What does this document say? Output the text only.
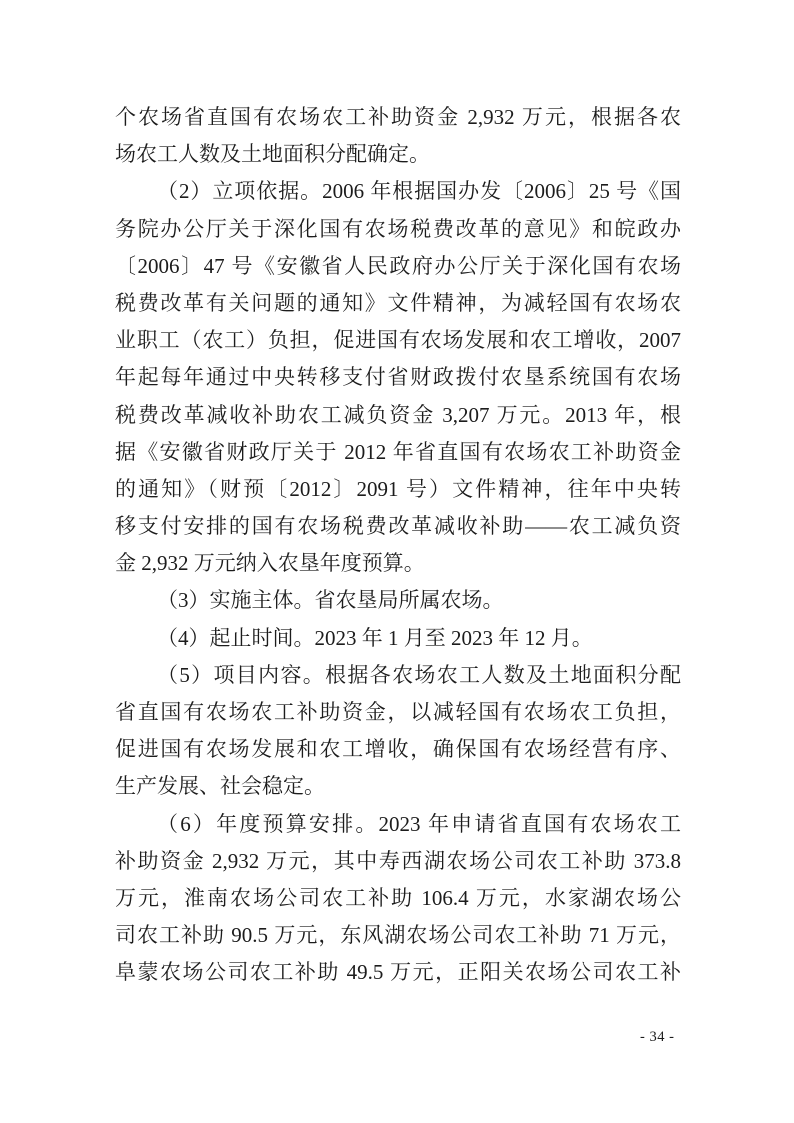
个农场省直国有农场农工补助资金 2,932 万元，根据各农
场农工人数及土地面积分配确定。
（2）立项依据。2006 年根据国办发〔2006〕25 号《国
务院办公厅关于深化国有农场税费改革的意见》和皖政办
〔2006〕47 号《安徽省人民政府办公厅关于深化国有农场
税费改革有关问题的通知》文件精神，为减轻国有农场农
业职工（农工）负担，促进国有农场发展和农工增收，2007
年起每年通过中央转移支付省财政拨付农垦系统国有农场
税费改革减收补助农工减负资金 3,207 万元。2013 年，根
据《安徽省财政厅关于 2012 年省直国有农场农工补助资金
的通知》（财预〔2012〕2091 号）文件精神，往年中央转
移支付安排的国有农场税费改革减收补助——农工减负资
金 2,932 万元纳入农垦年度预算。
（3）实施主体。省农垦局所属农场。
（4）起止时间。2023 年 1 月至 2023 年 12 月。
（5）项目内容。根据各农场农工人数及土地面积分配
省直国有农场农工补助资金，以减轻国有农场农工负担，
促进国有农场发展和农工增收，确保国有农场经营有序、
生产发展、社会稳定。
（6）年度预算安排。2023 年申请省直国有农场农工
补助资金 2,932 万元，其中寿西湖农场公司农工补助 373.8
万元，淮南农场公司农工补助 106.4 万元，水家湖农场公
司农工补助 90.5 万元，东风湖农场公司农工补助 71 万元，
阜蒙农场公司农工补助 49.5 万元，正阳关农场公司农工补
- 34 -
